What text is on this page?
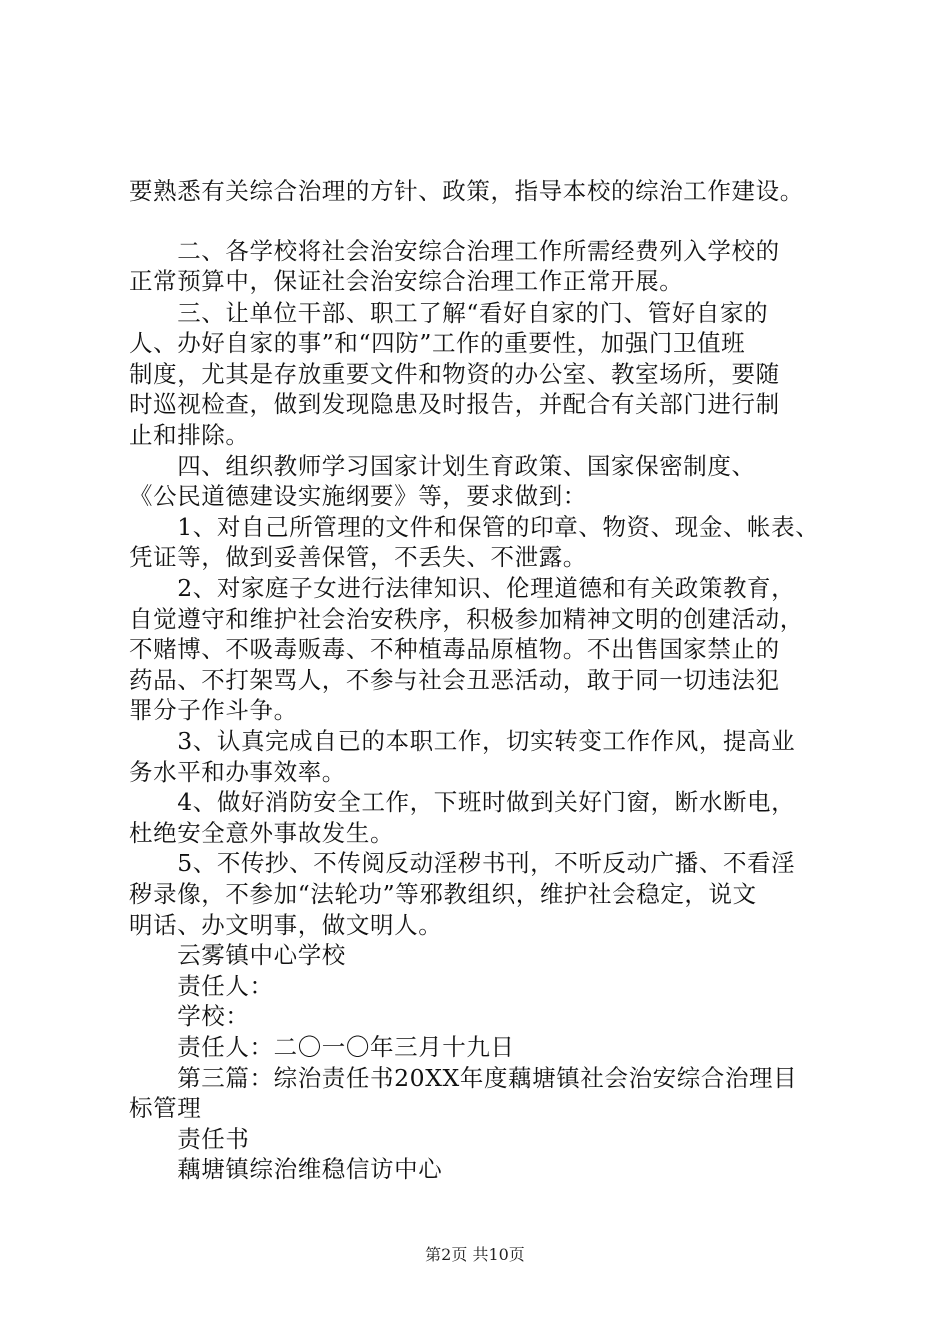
要熟悉有关综合治理的方针、政策，指导本校的综治工作建设。
　　二、各学校将社会治安综合治理工作所需经费列入学校的
正常预算中，保证社会治安综合治理工作正常开展。
　　三、让单位干部、职工了解“看好自家的门、管好自家的
人、办好自家的事”和“四防”工作的重要性，加强门卫值班
制度，尤其是存放重要文件和物资的办公室、教室场所，要随
时巡视检查，做到发现隐患及时报告，并配合有关部门进行制
止和排除。
　　四、组织教师学习国家计划生育政策、国家保密制度、
《公民道德建设实施纲要》等，要求做到：
　　1、对自己所管理的文件和保管的印章、物资、现金、帐表、
凭证等，做到妥善保管，不丢失、不泄露。
　　2、对家庭子女进行法律知识、伦理道德和有关政策教育，
自觉遵守和维护社会治安秩序，积极参加精神文明的创建活动，
不赌博、不吸毒贩毒、不种植毒品原植物。不出售国家禁止的
药品、不打架骂人，不参与社会丑恶活动，敢于同一切违法犯
罪分子作斗争。
　　3、认真完成自已的本职工作，切实转变工作作风，提高业
务水平和办事效率。
　　4、做好消防安全工作，下班时做到关好门窗，断水断电，
杜绝安全意外事故发生。
　　5、不传抄、不传阅反动淫秽书刊，不听反动广播、不看淫
秽录像，不参加“法轮功”等邪教组织，维护社会稳定，说文
明话、办文明事，做文明人。
　　云雾镇中心学校
　　责任人：
　　学校：
　　责任人：二〇一〇年三月十九日
　　第三篇：综治责任书20XX年度藕塘镇社会治安综合治理目
标管理
　　责任书
　　藕塘镇综治维稳信访中心
第2页 共10页
